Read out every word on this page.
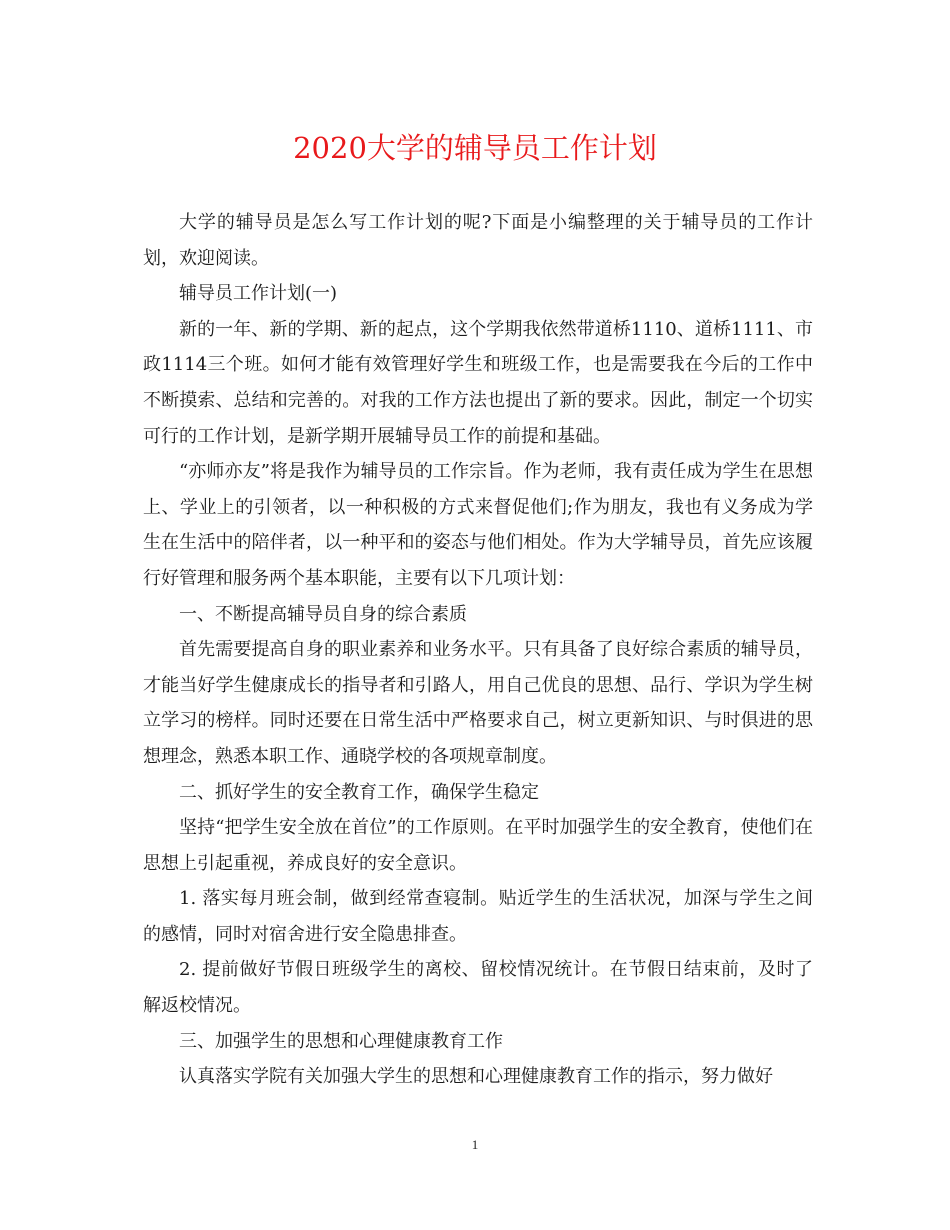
2020大学的辅导员工作计划

大学的辅导员是怎么写工作计划的呢?下面是小编整理的关于辅导员的工作计划，欢迎阅读。

辅导员工作计划(一)

新的一年、新的学期、新的起点，这个学期我依然带道桥1110、道桥1111、市政1114三个班。如何才能有效管理好学生和班级工作，也是需要我在今后的工作中不断摸索、总结和完善的。对我的工作方法也提出了新的要求。因此，制定一个切实可行的工作计划，是新学期开展辅导员工作的前提和基础。

“亦师亦友”将是我作为辅导员的工作宗旨。作为老师，我有责任成为学生在思想上、学业上的引领者，以一种积极的方式来督促他们;作为朋友，我也有义务成为学生在生活中的陪伴者，以一种平和的姿态与他们相处。作为大学辅导员，首先应该履行好管理和服务两个基本职能，主要有以下几项计划：

一、不断提高辅导员自身的综合素质

首先需要提高自身的职业素养和业务水平。只有具备了良好综合素质的辅导员，才能当好学生健康成长的指导者和引路人，用自己优良的思想、品行、学识为学生树立学习的榜样。同时还要在日常生活中严格要求自己，树立更新知识、与时俱进的思想理念，熟悉本职工作、通晓学校的各项规章制度。

二、抓好学生的安全教育工作，确保学生稳定

坚持“把学生安全放在首位”的工作原则。在平时加强学生的安全教育，使他们在思想上引起重视，养成良好的安全意识。

1. 落实每月班会制，做到经常查寝制。贴近学生的生活状况，加深与学生之间的感情，同时对宿舍进行安全隐患排查。

2. 提前做好节假日班级学生的离校、留校情况统计。在节假日结束前，及时了解返校情况。

三、加强学生的思想和心理健康教育工作

认真落实学院有关加强大学生的思想和心理健康教育工作的指示，努力做好

1
